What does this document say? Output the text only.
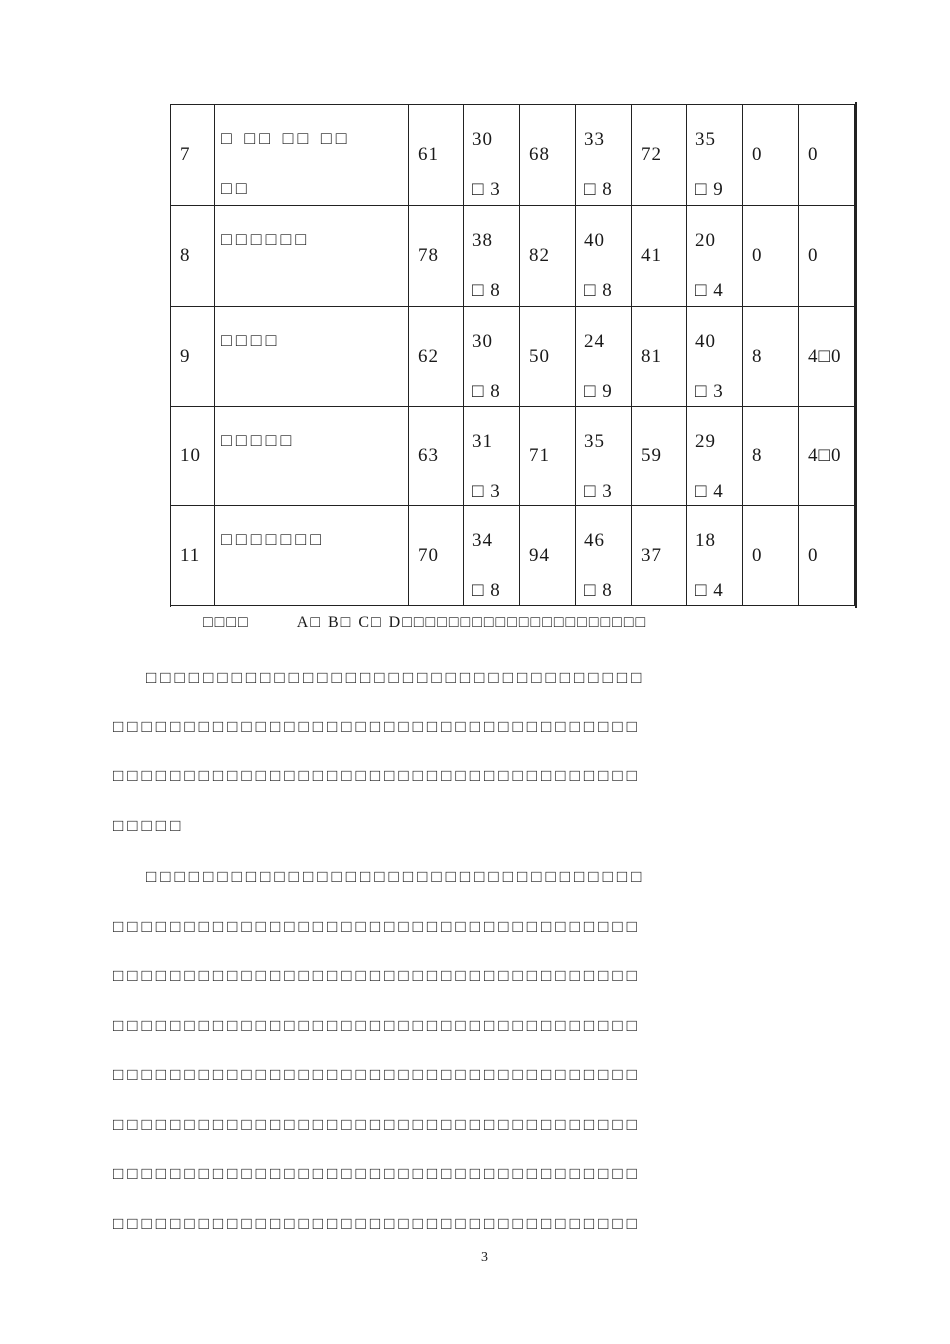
7
□ □□ □□ □□
□□
61
30
□ 3
68
33
□ 8
72
35
□ 9
0 0
8
□□□□□□
78
38
□ 8
82
40
□ 8
41
20
□ 4
0 0
9
□□□□
62
30
□ 8
50
24
□ 9
81
40
□ 3
8 4□0
10
□□□□□
63
31
□ 3
71
35
□ 3
59
29
□ 4
8 4□0
11
□□□□□□□
70
34
□ 8
94
46
□ 8
37
18
□ 4
0 0
□□□□        A□ B□ C□ D□□□□□□□□□□□□□□□□□□□□□
□□□□□□□□□□□□□□□□□□□□□□□□□□□□□□□□□□□
□□□□□□□□□□□□□□□□□□□□□□□□□□□□□□□□□□□□□
□□□□□□□□□□□□□□□□□□□□□□□□□□□□□□□□□□□□□
□□□□□
□□□□□□□□□□□□□□□□□□□□□□□□□□□□□□□□□□□
□□□□□□□□□□□□□□□□□□□□□□□□□□□□□□□□□□□□□
□□□□□□□□□□□□□□□□□□□□□□□□□□□□□□□□□□□□□
□□□□□□□□□□□□□□□□□□□□□□□□□□□□□□□□□□□□□
□□□□□□□□□□□□□□□□□□□□□□□□□□□□□□□□□□□□□
□□□□□□□□□□□□□□□□□□□□□□□□□□□□□□□□□□□□□
□□□□□□□□□□□□□□□□□□□□□□□□□□□□□□□□□□□□□
□□□□□□□□□□□□□□□□□□□□□□□□□□□□□□□□□□□□□
3
